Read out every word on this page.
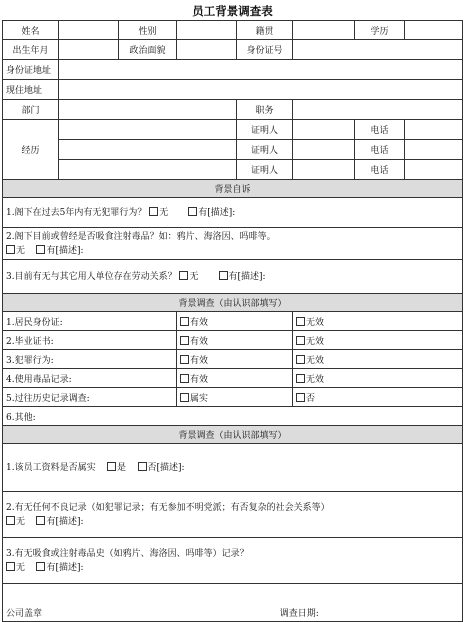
员工背景调查表
姓名		性别		籍贯		学历	
出生年月		政治面貌		身份证号			
身份证地址							
现住地址							
部门				职务			
经历				证明人		电话	
				证明人		电话	
				证明人		电话	
背景自诉							
1.阁下在过去5年内有无犯罪行为？ 无 有[描述]:							
2.阁下目前或曾经是否吸食注射毒品？如：鸦片、海洛因、吗啡等。
无 有[描述]:							
3.目前有无与其它用人单位存在劳动关系？ 无 有[描述]:							
背景调查（由认识部填写）							
1.居民身份证:			有效		无效		
2.毕业证书:			有效		无效		
3.犯罪行为:			有效		无效		
4.使用毒品记录:			有效		无效		
5.过往历史记录调查:			属实		否		
6.其他:							
背景调查（由认识部填写）							
1.该员工资料是否属实 是 否[描述]:							
2.有无任何不良记录（如犯罪记录；有无参加不明党派；有否复杂的社会关系等）
无 有[描述]:							
3.有无吸食或注射毒品史（如鸦片、海洛因、吗啡等）记录？
无 有[描述]:							
公司盖章 调查日期:							
